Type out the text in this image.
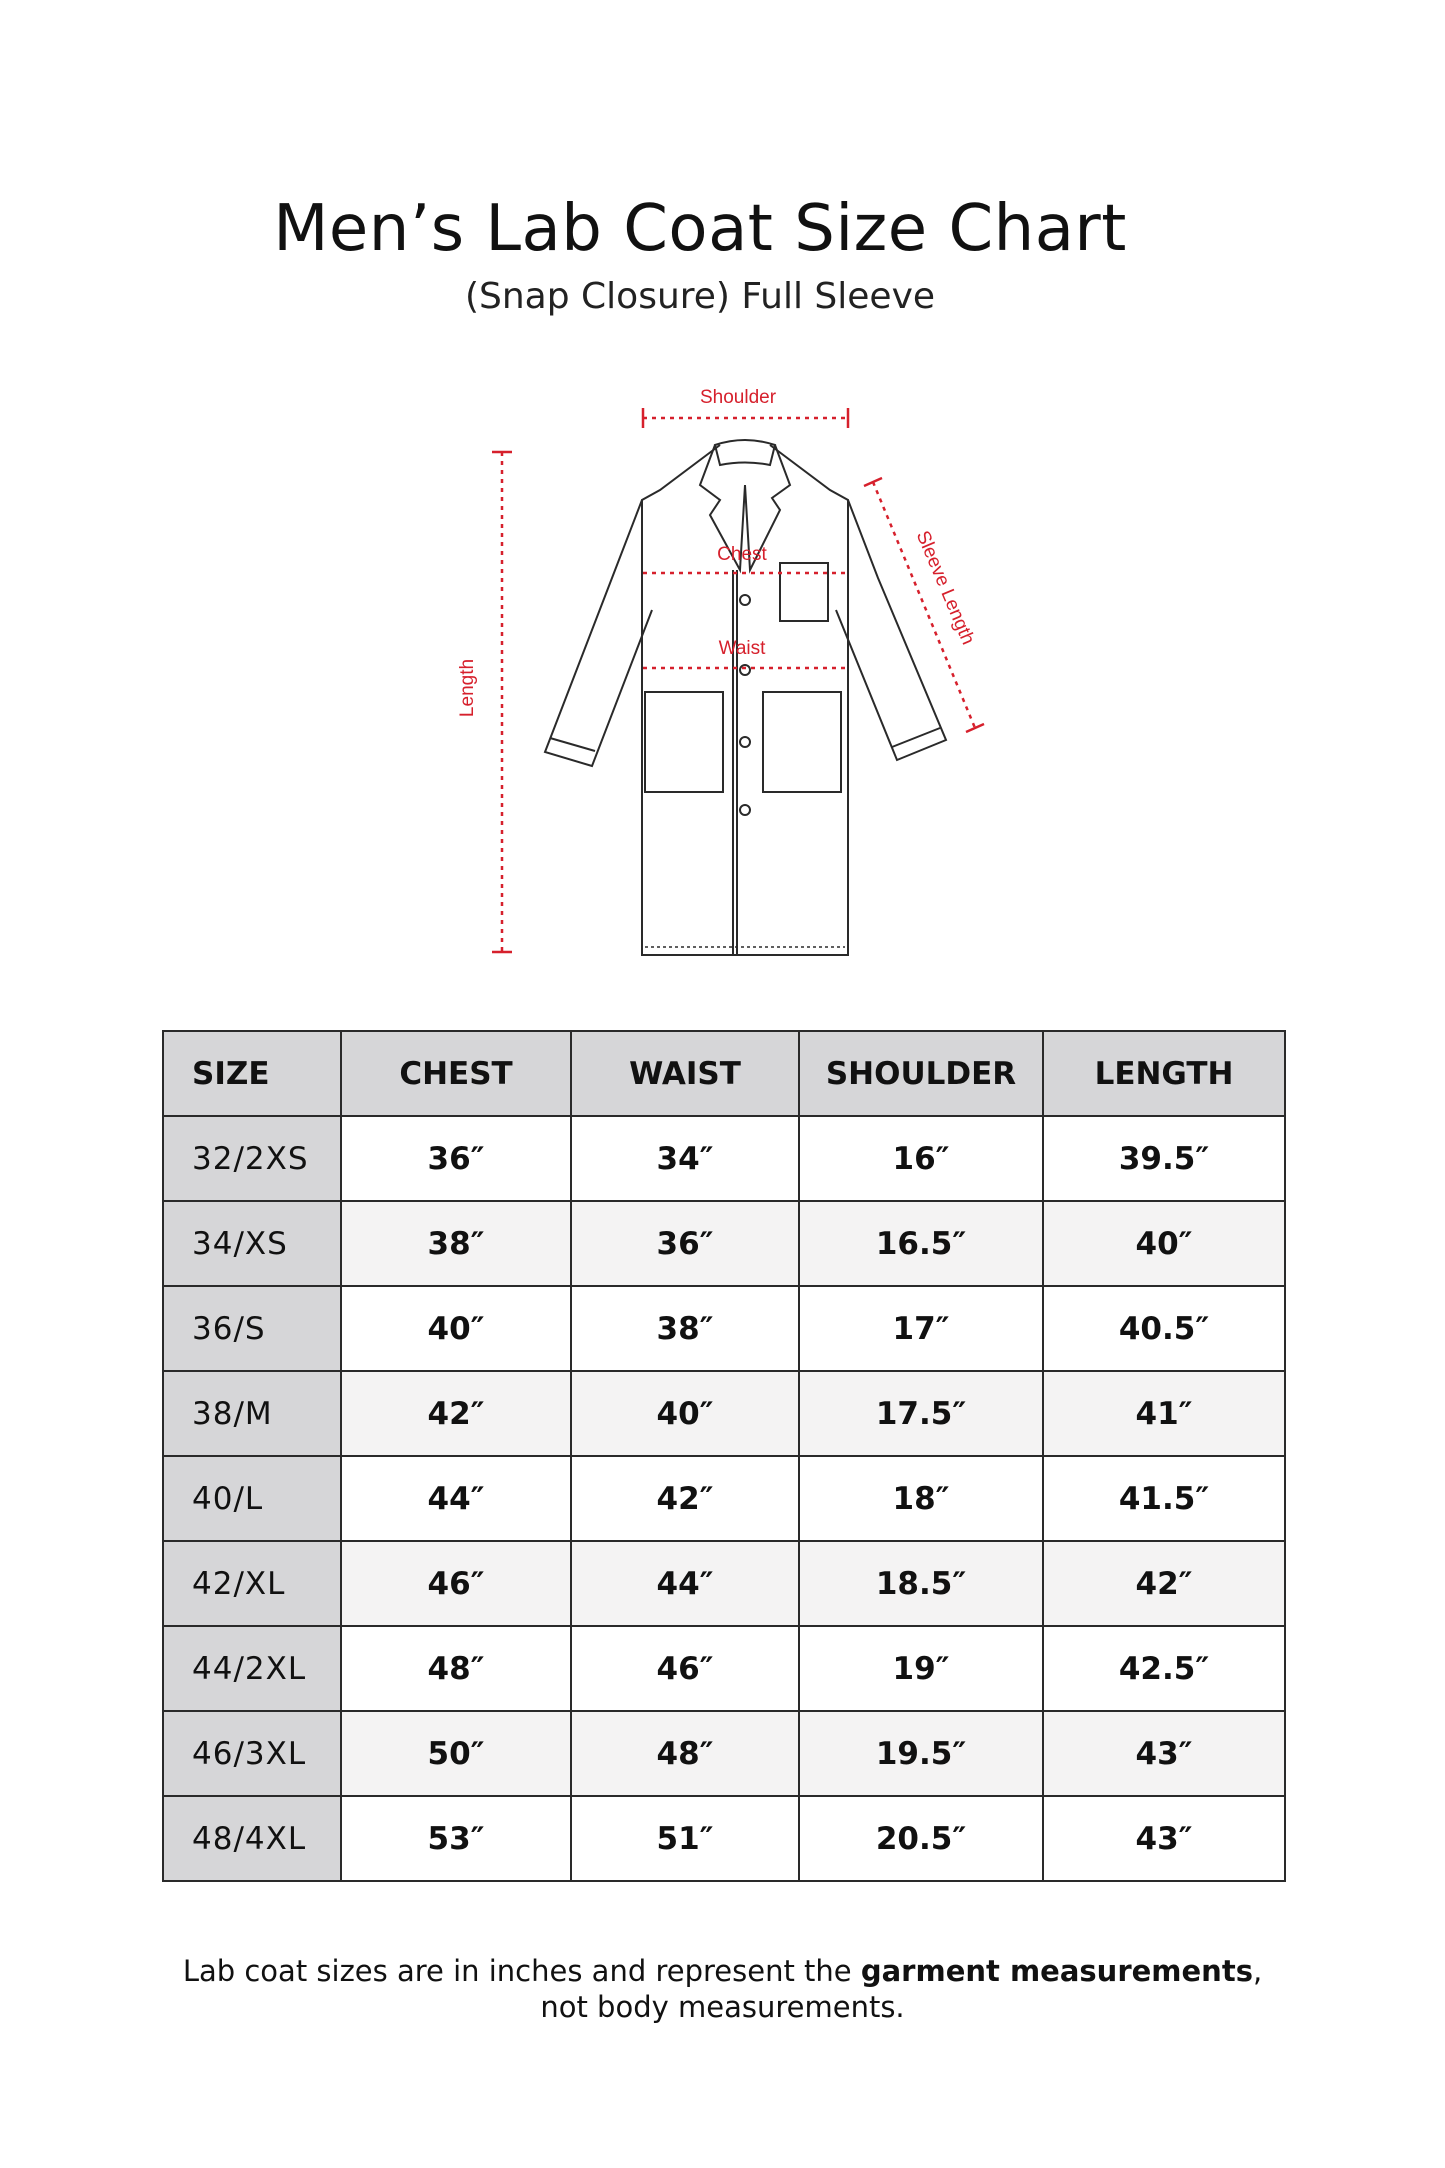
Men’s Lab Coat Size Chart
(Snap Closure) Full Sleeve
Shoulder
Chest
Waist
Length
Sleeve Length
SIZE	CHEST	WAIST	SHOULDER	LENGTH
32/2XS	36″	34″	16″	39.5″
34/XS	38″	36″	16.5″	40″
36/S	40″	38″	17″	40.5″
38/M	42″	40″	17.5″	41″
40/L	44″	42″	18″	41.5″
42/XL	46″	44″	18.5″	42″
44/2XL	48″	46″	19″	42.5″
46/3XL	50″	48″	19.5″	43″
48/4XL	53″	51″	20.5″	43″
Lab coat sizes are in inches and represent the garment measurements,
not body measurements.
